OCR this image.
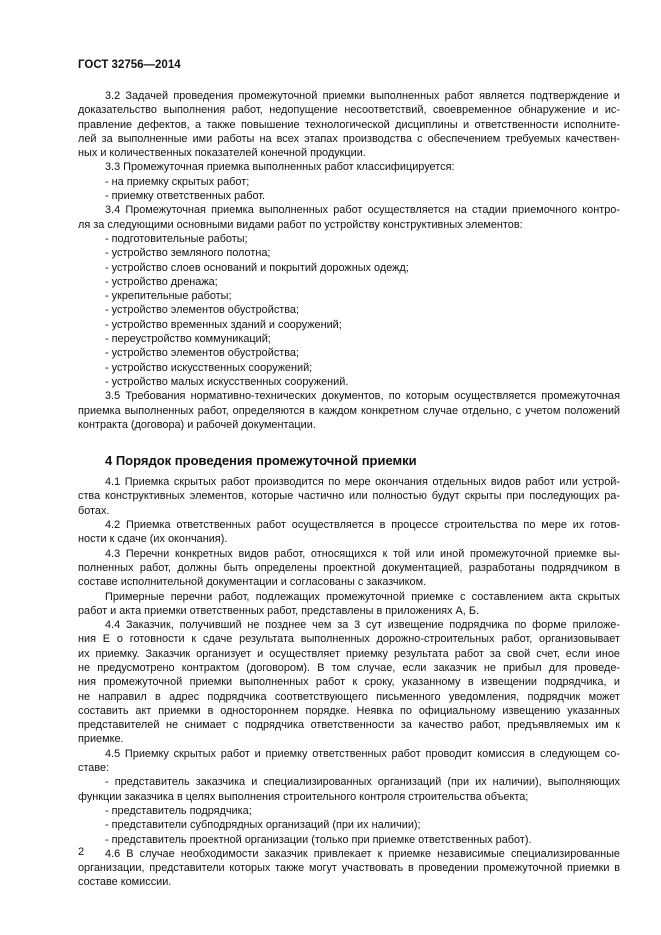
ГОСТ 32756—2014
3.2 Задачей проведения промежуточной приемки выполненных работ является подтверждение и
доказательство выполнения работ, недопущение несоответствий, своевременное обнаружение и ис-
правление дефектов, а также повышение технологической дисциплины и ответственности исполните-
лей за выполненные ими работы на всех этапах производства с обеспечением требуемых качествен-
ных и количественных показателей конечной продукции.
3.3 Промежуточная приемка выполненных работ классифицируется:
- на приемку скрытых работ;
- приемку ответственных работ.
3.4 Промежуточная приемка выполненных работ осуществляется на стадии приемочного контро-
ля за следующими основными видами работ по устройству конструктивных элементов:
- подготовительные работы;
- устройство земляного полотна;
- устройство слоев оснований и покрытий дорожных одежд;
- устройство дренажа;
- укрепительные работы;
- устройство элементов обустройства;
- устройство временных зданий и сооружений;
- переустройство коммуникаций;
- устройство элементов обустройства;
- устройство искусственных сооружений;
- устройство малых искусственных сооружений.
3.5 Требования нормативно-технических документов, по которым осуществляется промежуточная
приемка выполненных работ, определяются в каждом конкретном случае отдельно, с учетом положений
контракта (договора) и рабочей документации.
4 Порядок проведения промежуточной приемки
4.1 Приемка скрытых работ производится по мере окончания отдельных видов работ или устрой-
ства конструктивных элементов, которые частично или полностью будут скрыты при последующих ра-
ботах.
4.2 Приемка ответственных работ осуществляется в процессе строительства по мере их готов-
ности к сдаче (их окончания).
4.3 Перечни конкретных видов работ, относящихся к той или иной промежуточной приемке вы-
полненных работ, должны быть определены проектной документацией, разработаны подрядчиком в
составе исполнительной документации и согласованы с заказчиком.
Примерные перечни работ, подлежащих промежуточной приемке с составлением акта скрытых
работ и акта приемки ответственных работ, представлены в приложениях А, Б.
4.4 Заказчик, получивший не позднее чем за 3 сут извещение подрядчика по форме приложе-
ния Е о готовности к сдаче результата выполненных дорожно-строительных работ, организовывает
их приемку. Заказчик организует и осуществляет приемку результата работ за свой счет, если иное
не предусмотрено контрактом (договором). В том случае, если заказчик не прибыл для проведе-
ния промежуточной приемки выполненных работ к сроку, указанному в извещении подрядчика, и
не направил в адрес подрядчика соответствующего письменного уведомления, подрядчик может
составить акт приемки в одностороннем порядке. Неявка по официальному извещению указанных
представителей не снимает с подрядчика ответственности за качество работ, предъявляемых им к
приемке.
4.5 Приемку скрытых работ и приемку ответственных работ проводит комиссия в следующем со-
ставе:
- представитель заказчика и специализированных организаций (при их наличии), выполняющих
функции заказчика в целях выполнения строительного контроля строительства объекта;
- представитель подрядчика;
- представители субподрядных организаций (при их наличии);
- представитель проектной организации (только при приемке ответственных работ).
4.6 В случае необходимости заказчик привлекает к приемке независимые специализированные
организации, представители которых также могут участвовать в проведении промежуточной приемки в
составе комиссии.
2
